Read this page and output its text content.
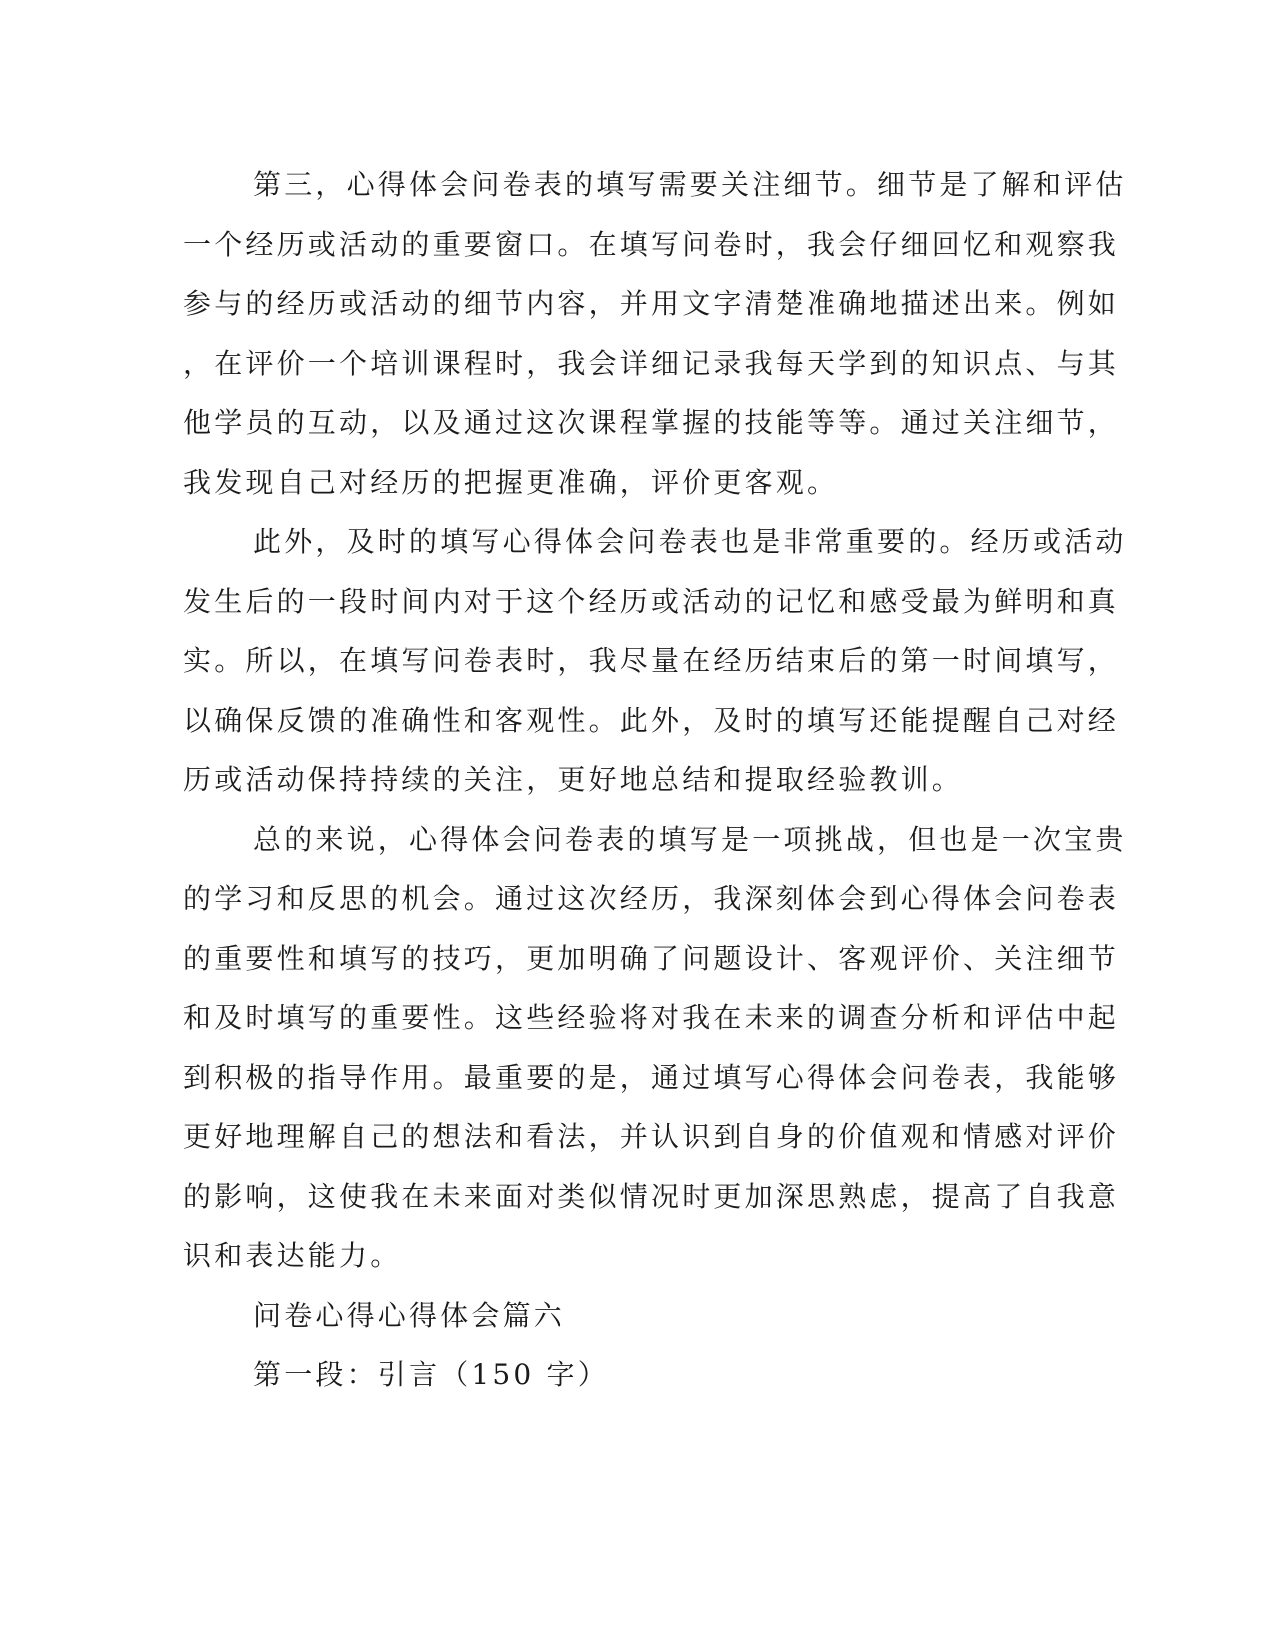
第三，心得体会问卷表的填写需要关注细节。细节是了解和评估
一个经历或活动的重要窗口。在填写问卷时，我会仔细回忆和观察我
参与的经历或活动的细节内容，并用文字清楚准确地描述出来。例如
，在评价一个培训课程时，我会详细记录我每天学到的知识点、与其
他学员的互动，以及通过这次课程掌握的技能等等。通过关注细节，
我发现自己对经历的把握更准确，评价更客观。
此外，及时的填写心得体会问卷表也是非常重要的。经历或活动
发生后的一段时间内对于这个经历或活动的记忆和感受最为鲜明和真
实。所以，在填写问卷表时，我尽量在经历结束后的第一时间填写，
以确保反馈的准确性和客观性。此外，及时的填写还能提醒自己对经
历或活动保持持续的关注，更好地总结和提取经验教训。
总的来说，心得体会问卷表的填写是一项挑战，但也是一次宝贵
的学习和反思的机会。通过这次经历，我深刻体会到心得体会问卷表
的重要性和填写的技巧，更加明确了问题设计、客观评价、关注细节
和及时填写的重要性。这些经验将对我在未来的调查分析和评估中起
到积极的指导作用。最重要的是，通过填写心得体会问卷表，我能够
更好地理解自己的想法和看法，并认识到自身的价值观和情感对评价
的影响，这使我在未来面对类似情况时更加深思熟虑，提高了自我意
识和表达能力。
问卷心得心得体会篇六
第一段：引言（150 字）
